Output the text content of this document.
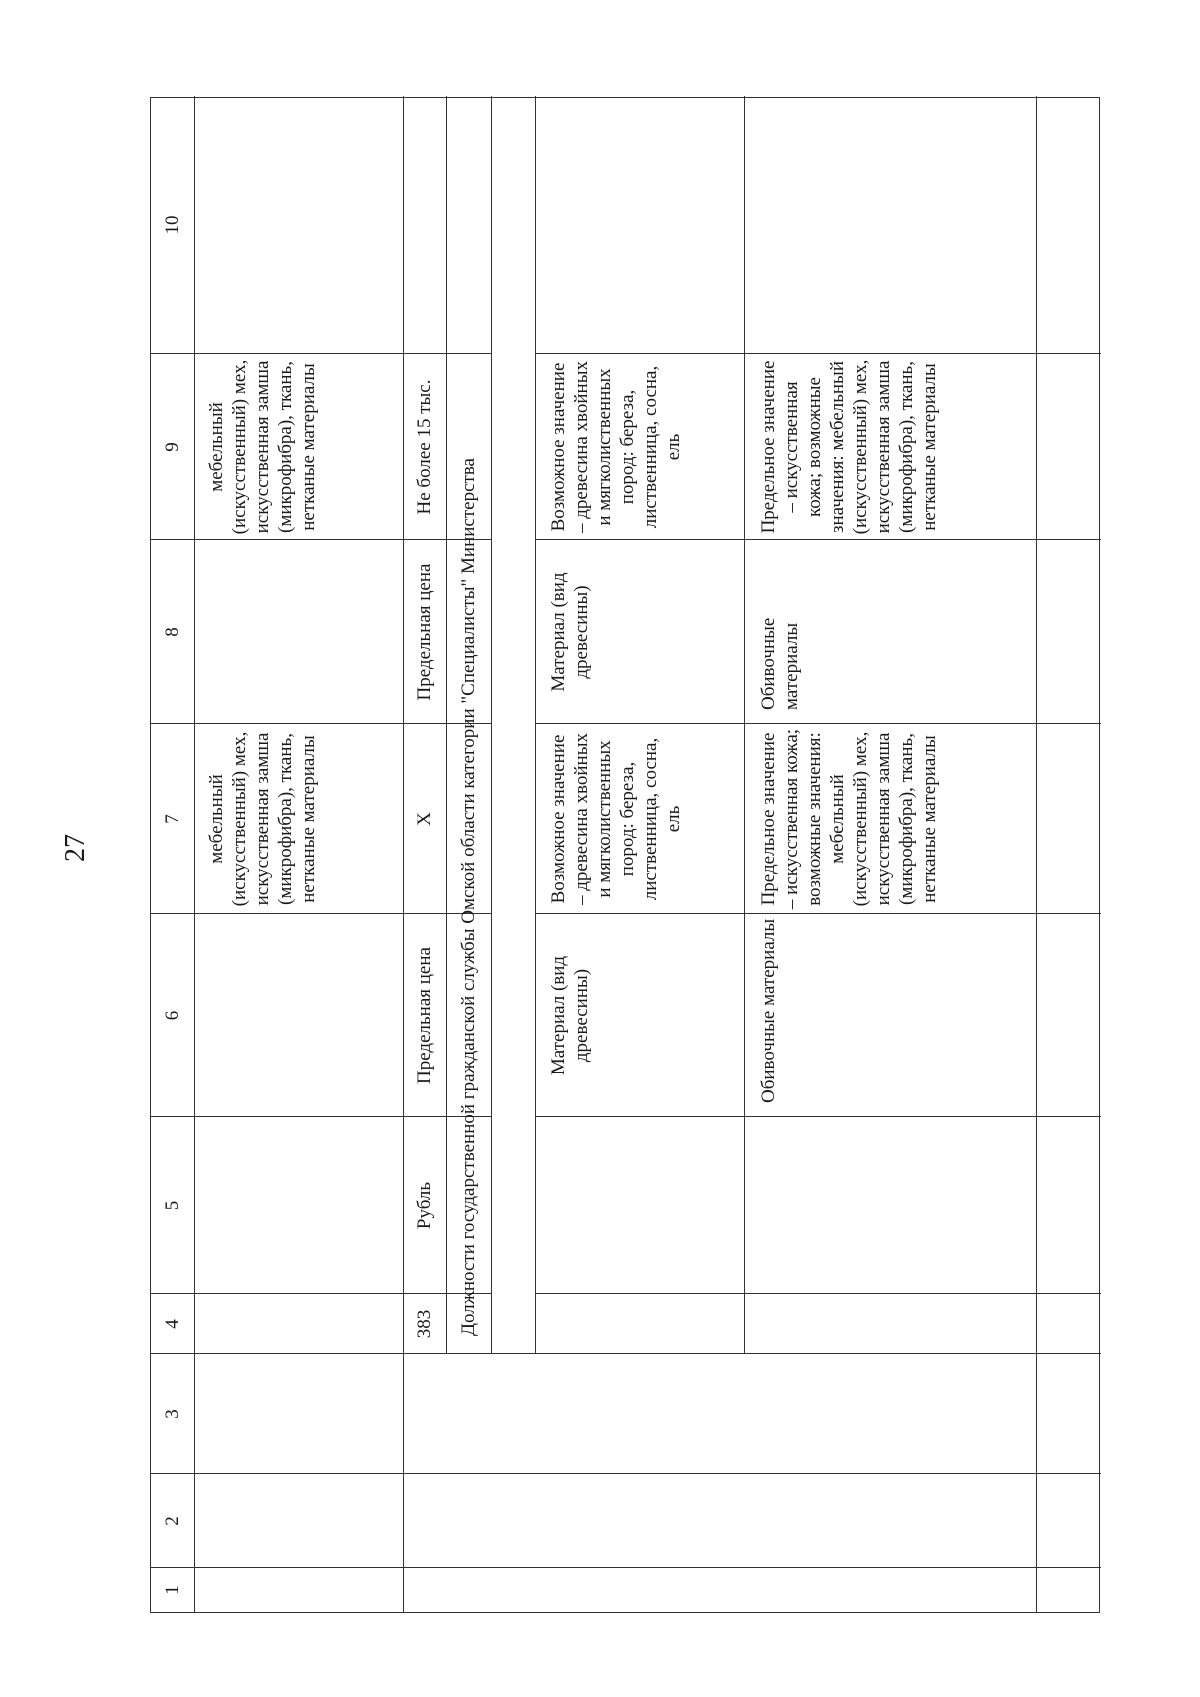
27
1
2
3
4
5
6
7
8
9
10
мебельный (искусственный) мех, искусственная замша (микрофибра), ткань, нетканые материалы
мебельный (искусственный) мех, искусственная замша (микрофибра), ткань, нетканые материалы
383
Рубль
Предельная цена
X
Предельная цена
Не более 15 тыс.
Должности государственной гражданской службы Омской области категории "Специалисты" Министерства	Материал (вид древесины)
Возможное значение – древесина хвойных и мягколиственных пород: береза, лиственница, сосна, ель
Материал (вид древесины)
Возможное значение – древесина хвойных и мягколиственных пород: береза, лиственница, сосна, ель
Обивочные материалы
Предельное значение – искусственная кожа; возможные значения: мебельный (искусственный) мех, искусственная замша (микрофибра), ткань, нетканые материалы
Обивочные материалы
Предельное значение – искусственная кожа; возможные значения: мебельный (искусственный) мех, искусственная замша (микрофибра), ткань, нетканые материалы
